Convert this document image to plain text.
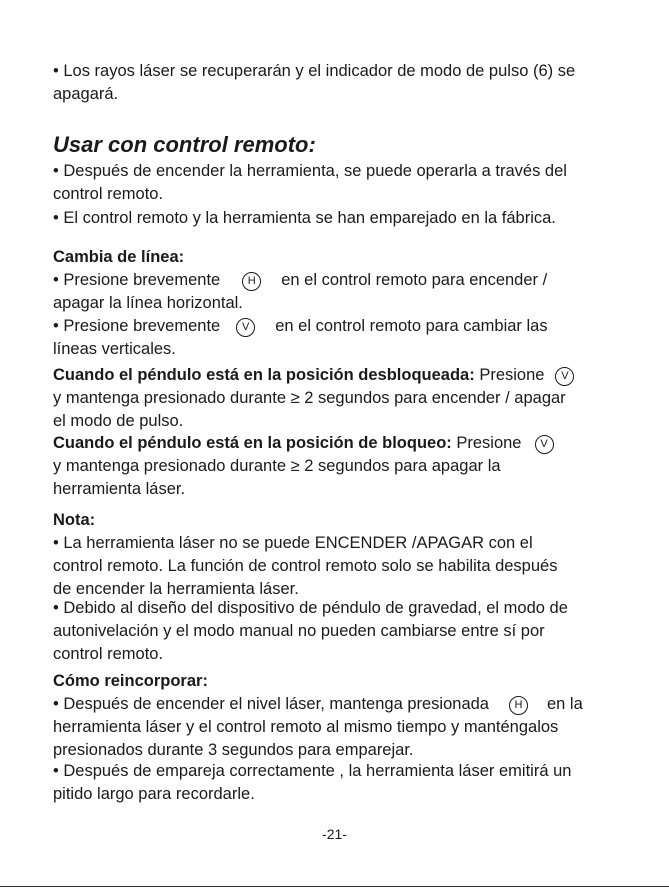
• Los rayos láser se recuperarán y el indicador de modo de pulso (6) se
apagará.
Usar con control remoto:
• Después de encender la herramienta, se puede operarla a través del
control remoto.
• El control remoto y la herramienta se han emparejado en la fábrica.
Cambia de línea:
• Presione brevemente	H en el control remoto para encender /
apagar la línea horizontal.
• Presione brevemente V en el control remoto para cambiar las
líneas verticales.
Cuando el péndulo está en la posición desbloqueada: Presione V
y mantenga presionado durante ≥ 2 segundos para encender / apagar
el modo de pulso.
Cuando el péndulo está en la posición de bloqueo: Presione V
y mantenga presionado durante ≥ 2 segundos para apagar la
herramienta láser.
Nota:
• La herramienta láser no se puede ENCENDER /APAGAR con el
control remoto. La función de control remoto solo se habilita después
de encender la herramienta láser.
• Debido al diseño del dispositivo de péndulo de gravedad, el modo de
autonivelación y el modo manual no pueden cambiarse entre sí por
control remoto.
Cómo reincorporar:
• Después de encender el nivel láser, mantenga presionada H en la
herramienta láser y el control remoto al mismo tiempo y manténgalos
presionados durante 3 segundos para emparejar.
• Después de empareja correctamente , la herramienta láser emitirá un
pitido largo para recordarle.
-21-
